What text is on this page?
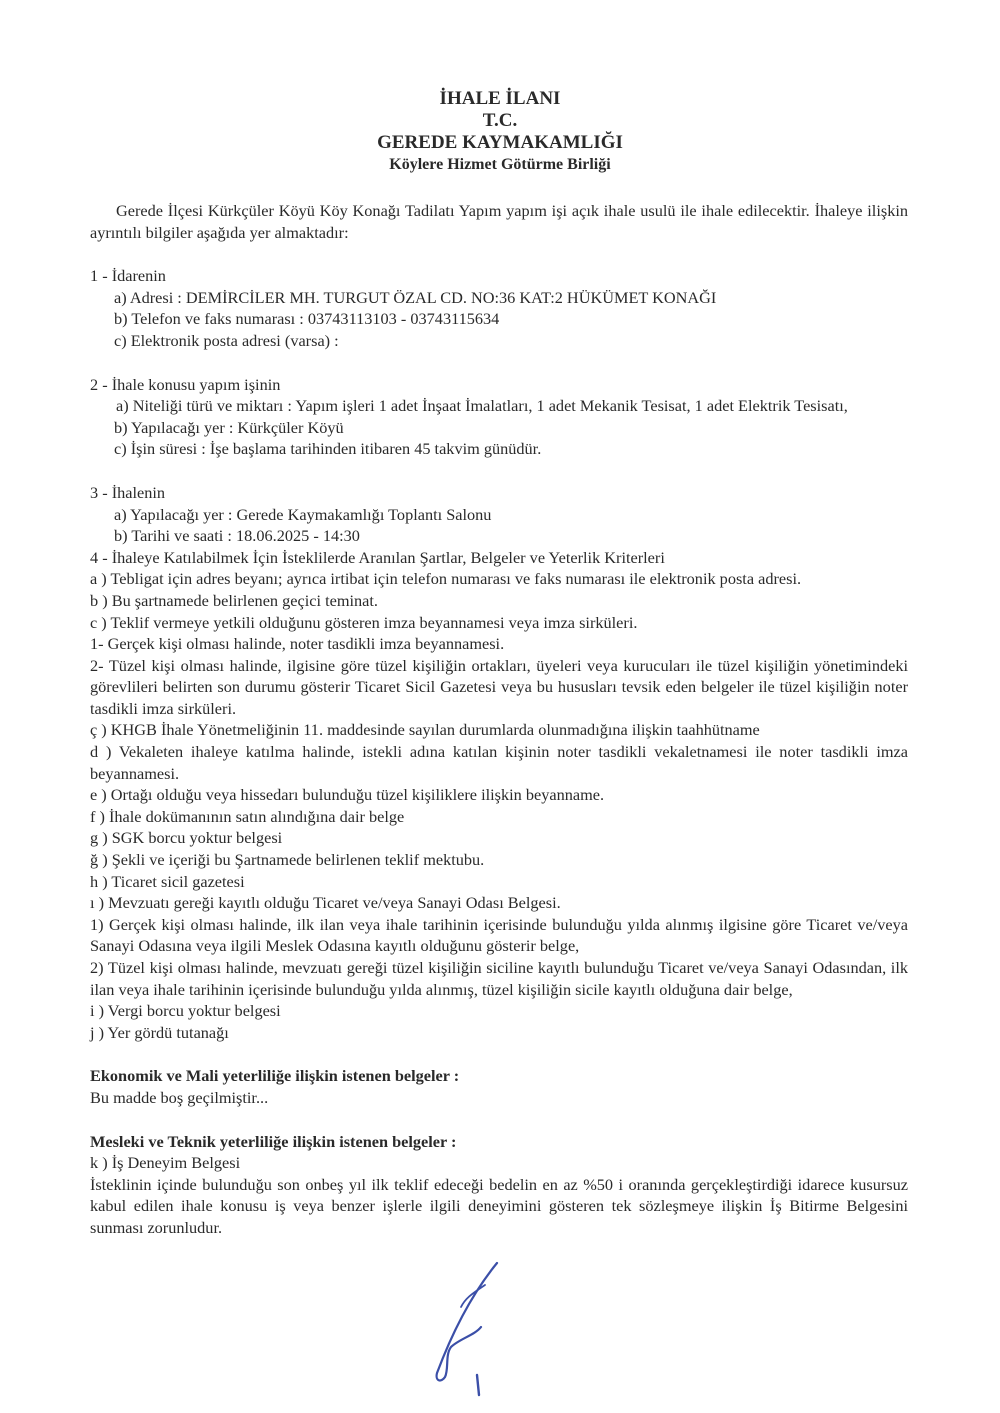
İHALE İLANI
T.C.
GEREDE KAYMAKAMLIĞI
Köylere Hizmet Götürme Birliği

Gerede İlçesi Kürkçüler Köyü Köy Konağı Tadilatı Yapım yapım işi açık ihale usulü ile ihale edilecektir. İhaleye ilişkin ayrıntılı bilgiler aşağıda yer almaktadır:

1 - İdarenin

a) Adresi : DEMİRCİLER MH. TURGUT ÖZAL CD. NO:36 KAT:2 HÜKÜMET KONAĞI

b) Telefon ve faks numarası : 03743113103 - 03743115634

c) Elektronik posta adresi (varsa) :

2 - İhale konusu yapım işinin

a) Niteliği türü ve miktarı : Yapım işleri 1 adet İnşaat İmalatları, 1 adet Mekanik Tesisat, 1 adet Elektrik Tesisatı,

b) Yapılacağı yer : Kürkçüler Köyü

c) İşin süresi : İşe başlama tarihinden itibaren 45 takvim günüdür.

3 - İhalenin

a) Yapılacağı yer : Gerede Kaymakamlığı Toplantı Salonu

b) Tarihi ve saati : 18.06.2025 - 14:30

4 - İhaleye Katılabilmek İçin İsteklilerde Aranılan Şartlar, Belgeler ve Yeterlik Kriterleri

a ) Tebligat için adres beyanı; ayrıca irtibat için telefon numarası ve faks numarası ile elektronik posta adresi.

b ) Bu şartnamede belirlenen geçici teminat.

c ) Teklif vermeye yetkili olduğunu gösteren imza beyannamesi veya imza sirküleri.

1- Gerçek kişi olması halinde, noter tasdikli imza beyannamesi.

2- Tüzel kişi olması halinde, ilgisine göre tüzel kişiliğin ortakları, üyeleri veya kurucuları ile tüzel kişiliğin yönetimindeki görevlileri belirten son durumu gösterir Ticaret Sicil Gazetesi veya bu hususları tevsik eden belgeler ile tüzel kişiliğin noter tasdikli imza sirküleri.

ç ) KHGB İhale Yönetmeliğinin 11. maddesinde sayılan durumlarda olunmadığına ilişkin taahhütname

d ) Vekaleten ihaleye katılma halinde, istekli adına katılan kişinin noter tasdikli vekaletnamesi ile noter tasdikli imza beyannamesi.

e ) Ortağı olduğu veya hissedarı bulunduğu tüzel kişiliklere ilişkin beyanname.

f ) İhale dokümanının satın alındığına dair belge

g ) SGK borcu yoktur belgesi

ğ ) Şekli ve içeriği bu Şartnamede belirlenen teklif mektubu.

h ) Ticaret sicil gazetesi

ı ) Mevzuatı gereği kayıtlı olduğu Ticaret ve/veya Sanayi Odası Belgesi.

1) Gerçek kişi olması halinde, ilk ilan veya ihale tarihinin içerisinde bulunduğu yılda alınmış ilgisine göre Ticaret ve/veya Sanayi Odasına veya ilgili Meslek Odasına kayıtlı olduğunu gösterir belge,

2) Tüzel kişi olması halinde, mevzuatı gereği tüzel kişiliğin siciline kayıtlı bulunduğu Ticaret ve/veya Sanayi Odasından, ilk ilan veya ihale tarihinin içerisinde bulunduğu yılda alınmış, tüzel kişiliğin sicile kayıtlı olduğuna dair belge,

i ) Vergi borcu yoktur belgesi

j ) Yer gördü tutanağı

Ekonomik ve Mali yeterliliğe ilişkin istenen belgeler :

Bu madde boş geçilmiştir...

Mesleki ve Teknik yeterliliğe ilişkin istenen belgeler :

k ) İş Deneyim Belgesi

İsteklinin içinde bulunduğu son onbeş yıl ilk teklif edeceği bedelin en az %50 i oranında gerçekleştirdiği idarece kusursuz kabul edilen ihale konusu iş veya benzer işlerle ilgili deneyimini gösteren tek sözleşmeye ilişkin İş Bitirme Belgesini sunması zorunludur.
